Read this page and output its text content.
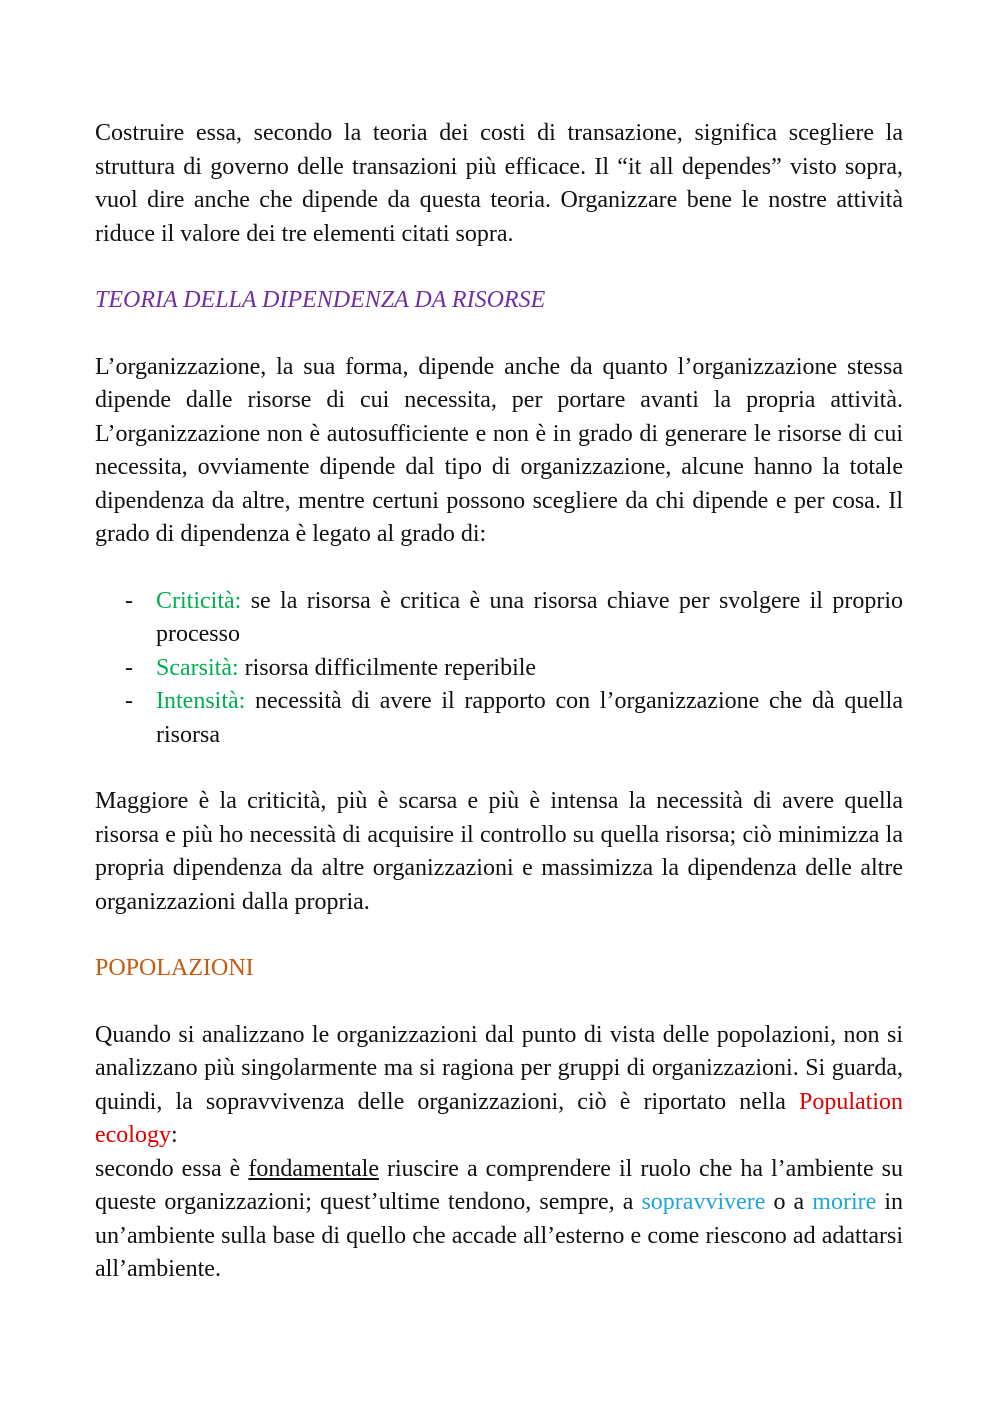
Costruire essa, secondo la teoria dei costi di transazione, significa scegliere la struttura di governo delle transazioni più efficace. Il “it all dependes” visto sopra, vuol dire anche che dipende da questa teoria. Organizzare bene le nostre attività riduce il valore dei tre elementi citati sopra.

TEORIA DELLA DIPENDENZA DA RISORSE

L’organizzazione, la sua forma, dipende anche da quanto l’organizzazione stessa dipende dalle risorse di cui necessita, per portare avanti la propria attività. L’organizzazione non è autosufficiente e non è in grado di generare le risorse di cui necessita, ovviamente dipende dal tipo di organizzazione, alcune hanno la totale dipendenza da altre, mentre certuni possono scegliere da chi dipende e per cosa. Il grado di dipendenza è legato al grado di:

- Criticità: se la risorsa è critica è una risorsa chiave per svolgere il proprio processo
- Scarsità: risorsa difficilmente reperibile
- Intensità: necessità di avere il rapporto con l’organizzazione che dà quella risorsa

Maggiore è la criticità, più è scarsa e più è intensa la necessità di avere quella risorsa e più ho necessità di acquisire il controllo su quella risorsa; ciò minimizza la propria dipendenza da altre organizzazioni e massimizza la dipendenza delle altre organizzazioni dalla propria.

POPOLAZIONI

Quando si analizzano le organizzazioni dal punto di vista delle popolazioni, non si analizzano più singolarmente ma si ragiona per gruppi di organizzazioni. Si guarda, quindi, la sopravvivenza delle organizzazioni, ciò è riportato nella Population ecology:

secondo essa è fondamentale riuscire a comprendere il ruolo che ha l’ambiente su queste organizzazioni; quest’ultime tendono, sempre, a sopravvivere o a morire in un’ambiente sulla base di quello che accade all’esterno e come riescono ad adattarsi all’ambiente.
